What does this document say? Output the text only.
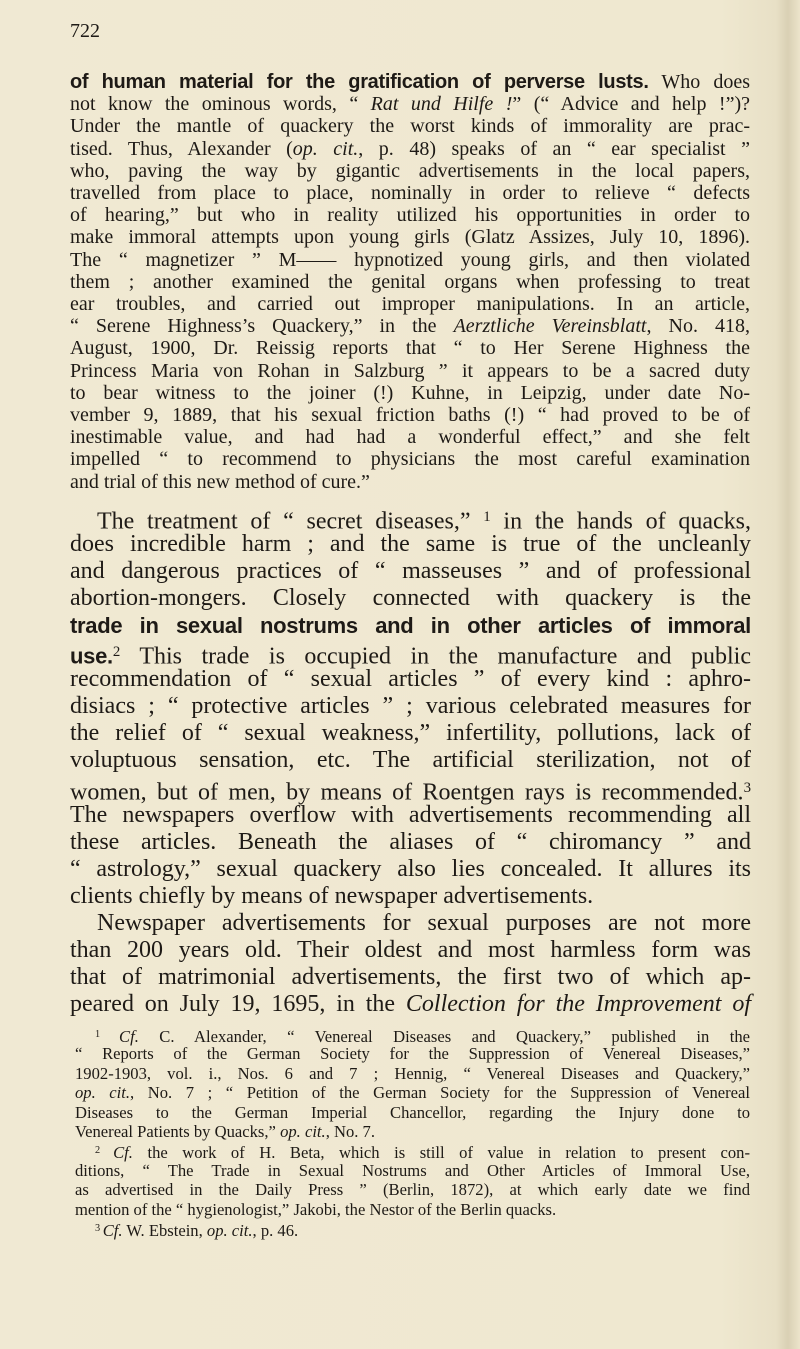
722
of human material for the gratification of perverse lusts. Who does
not know the ominous words, “ Rat und Hilfe !” (“ Advice and help !”)?
Under the mantle of quackery the worst kinds of immorality are prac-
tised. Thus, Alexander (op. cit., p. 48) speaks of an “ ear specialist ”
who, paving the way by gigantic advertisements in the local papers,
travelled from place to place, nominally in order to relieve “ defects
of hearing,” but who in reality utilized his opportunities in order to
make immoral attempts upon young girls (Glatz Assizes, July 10, 1896).
The “ magnetizer ” M—— hypnotized young girls, and then violated
them ; another examined the genital organs when professing to treat
ear troubles, and carried out improper manipulations. In an article,
“ Serene Highness’s Quackery,” in the Aerztliche Vereinsblatt, No. 418,
August, 1900, Dr. Reissig reports that “ to Her Serene Highness the
Princess Maria von Rohan in Salzburg ” it appears to be a sacred duty
to bear witness to the joiner (!) Kuhne, in Leipzig, under date No-
vember 9, 1889, that his sexual friction baths (!) “ had proved to be of
inestimable value, and had had a wonderful effect,” and she felt
impelled “ to recommend to physicians the most careful examination
and trial of this new method of cure.”
The treatment of “ secret diseases,” $^1$ in the hands of quacks,
does incredible harm ; and the same is true of the uncleanly
and dangerous practices of “ masseuses ” and of professional
abortion-mongers. Closely connected with quackery is the
trade in sexual nostrums and in other articles of immoral
use.$^2$ This trade is occupied in the manufacture and public
recommendation of “ sexual articles ” of every kind : aphro-
disiacs ; “ protective articles ” ; various celebrated measures for
the relief of “ sexual weakness,” infertility, pollutions, lack of
voluptuous sensation, etc. The artificial sterilization, not of
women, but of men, by means of Roentgen rays is recommended.$^3$
The newspapers overflow with advertisements recommending all
these articles. Beneath the aliases of “ chiromancy ” and
“ astrology,” sexual quackery also lies concealed. It allures its
clients chiefly by means of newspaper advertisements.
Newspaper advertisements for sexual purposes are not more
than 200 years old. Their oldest and most harmless form was
that of matrimonial advertisements, the first two of which ap-
peared on July 19, 1695, in the Collection for the Improvement of
$^1$ Cf. C. Alexander, “ Venereal Diseases and Quackery,” published in the
“ Reports of the German Society for the Suppression of Venereal Diseases,”
1902-1903, vol. i., Nos. 6 and 7 ; Hennig, “ Venereal Diseases and Quackery,”
op. cit., No. 7 ; “ Petition of the German Society for the Suppression of Venereal
Diseases to the German Imperial Chancellor, regarding the Injury done to
Venereal Patients by Quacks,” op. cit., No. 7.
$^2$ Cf. the work of H. Beta, which is still of value in relation to present con-
ditions, “ The Trade in Sexual Nostrums and Other Articles of Immoral Use,
as advertised in the Daily Press ” (Berlin, 1872), at which early date we find
mention of the “ hygienologist,” Jakobi, the Nestor of the Berlin quacks.
$^3$ Cf. W. Ebstein, op. cit., p. 46.
